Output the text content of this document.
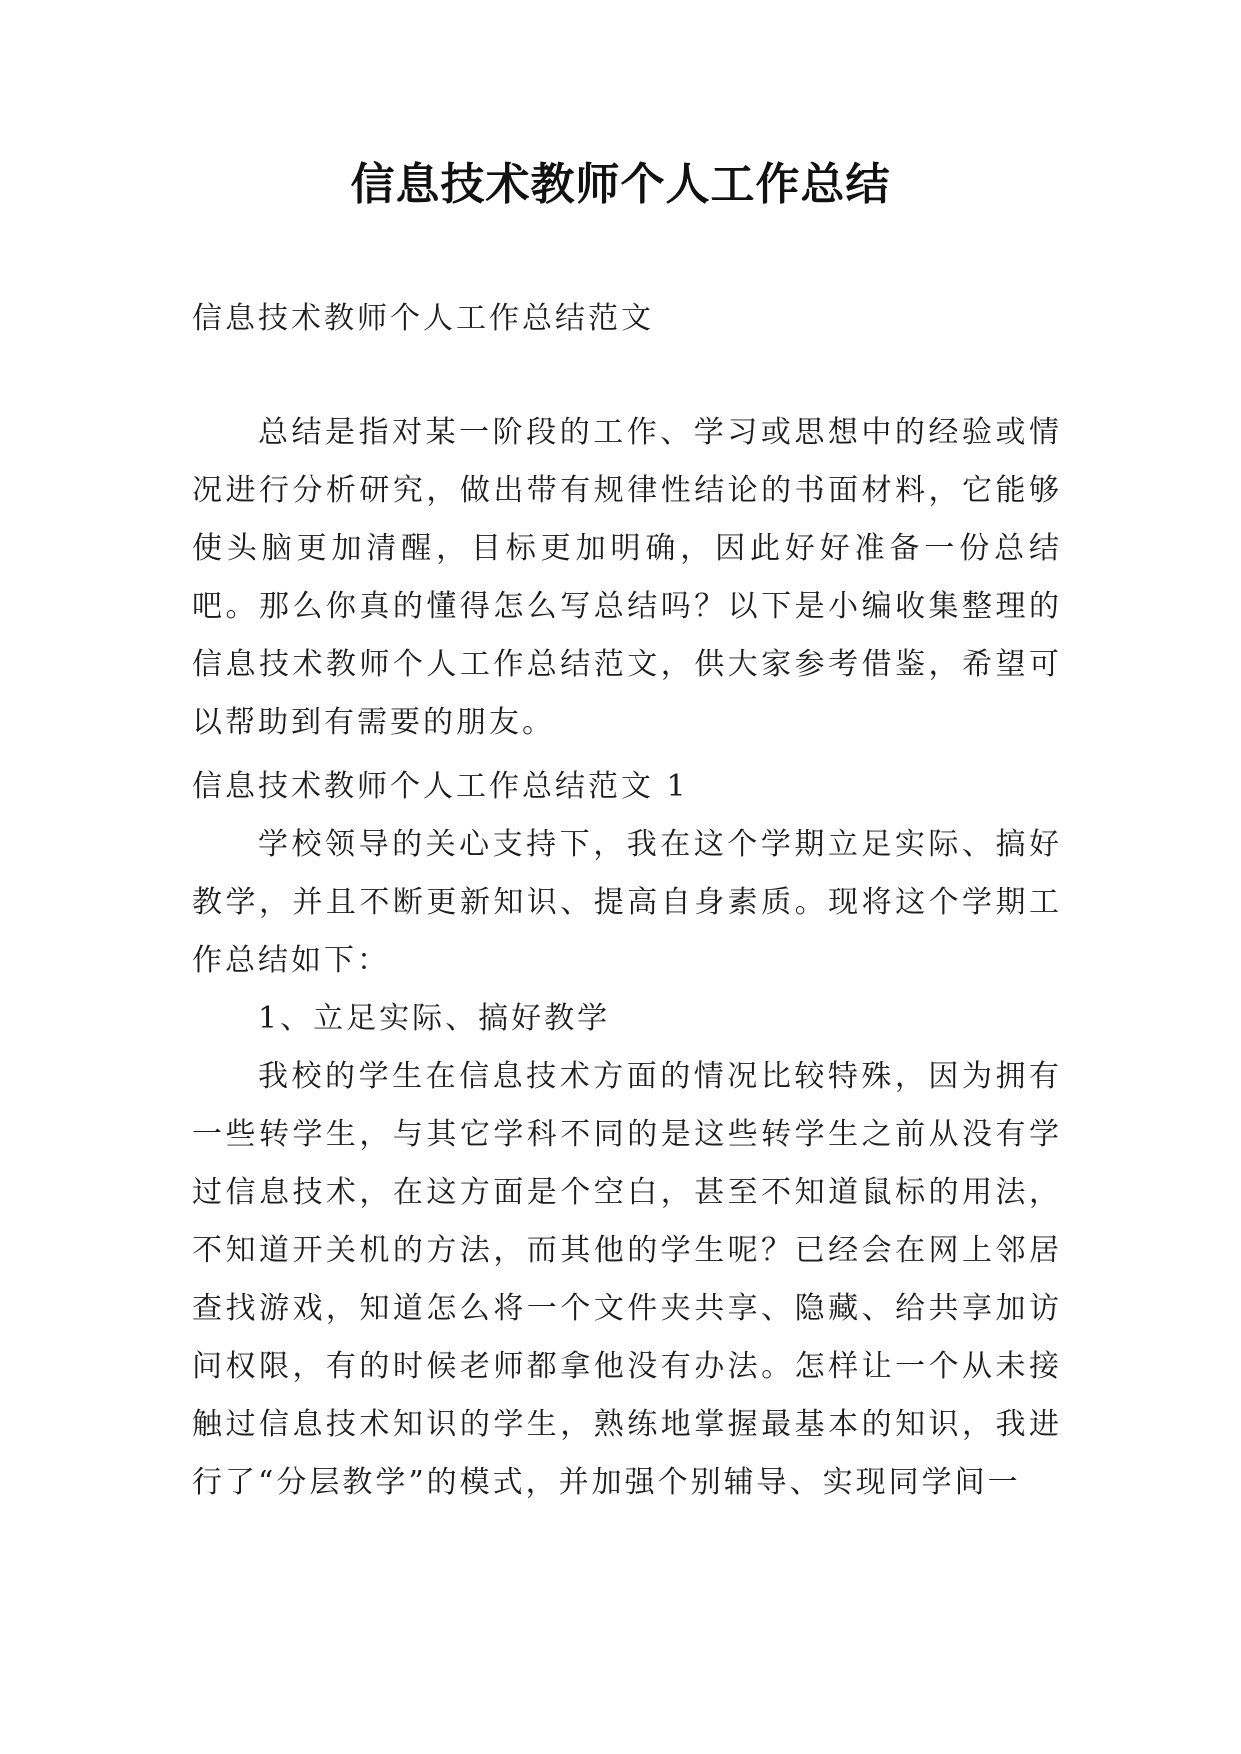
信息技术教师个人工作总结

信息技术教师个人工作总结范文

总结是指对某一阶段的工作、学习或思想中的经验或情况进行分析研究，做出带有规律性结论的书面材料，它能够使头脑更加清醒，目标更加明确，因此好好准备一份总结吧。那么你真的懂得怎么写总结吗？以下是小编收集整理的信息技术教师个人工作总结范文，供大家参考借鉴，希望可以帮助到有需要的朋友。

信息技术教师个人工作总结范文 1

学校领导的关心支持下，我在这个学期立足实际、搞好教学，并且不断更新知识、提高自身素质。现将这个学期工作总结如下：

1、立足实际、搞好教学

我校的学生在信息技术方面的情况比较特殊，因为拥有一些转学生，与其它学科不同的是这些转学生之前从没有学过信息技术，在这方面是个空白，甚至不知道鼠标的用法，不知道开关机的方法，而其他的学生呢？已经会在网上邻居查找游戏，知道怎么将一个文件夹共享、隐藏、给共享加访问权限，有的时候老师都拿他没有办法。怎样让一个从未接触过信息技术知识的学生，熟练地掌握最基本的知识，我进行了“分层教学”的模式，并加强个别辅导、实现同学间一
